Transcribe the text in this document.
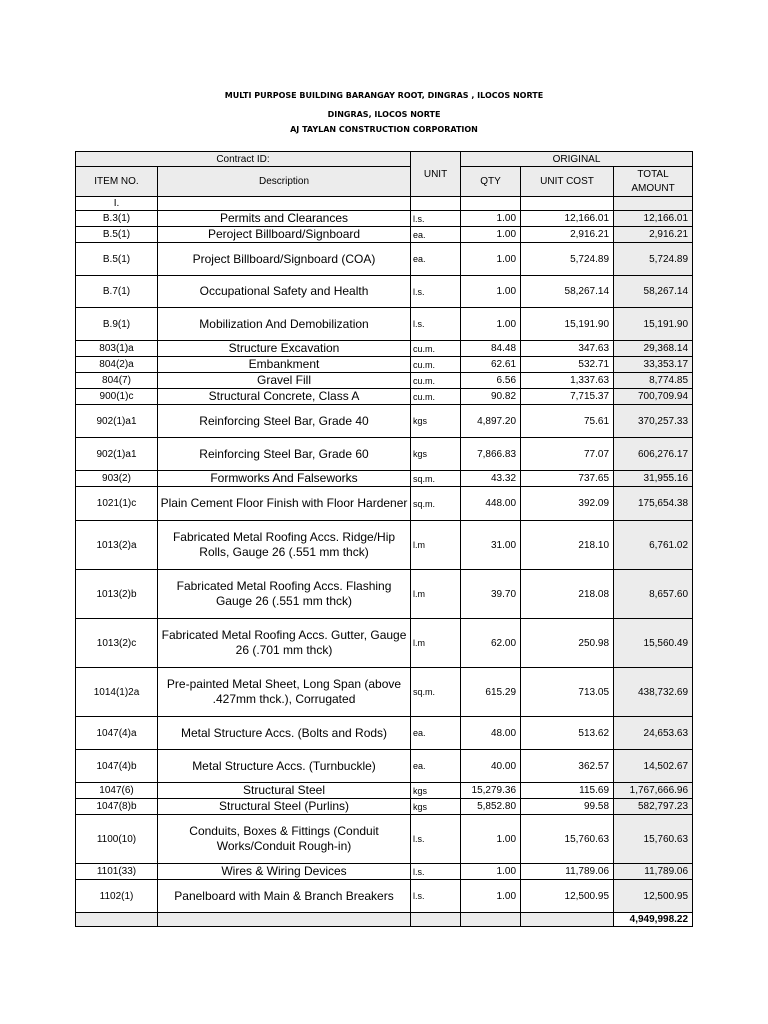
MULTI PURPOSE BUILDING BARANGAY ROOT, DINGRAS , ILOCOS NORTE
DINGRAS, ILOCOS NORTE
AJ TAYLAN CONSTRUCTION CORPORATION
Contract ID:		UNIT	ORIGINAL		
ITEM NO.	Description		QTY	UNIT COST	TOTAL AMOUNT
I.					
B.3(1)	Permits and Clearances	l.s.	1.00	12,166.01	12,166.01
B.5(1)	Peroject Billboard/Signboard	ea.	1.00	2,916.21	2,916.21
B.5(1)	Project Billboard/Signboard (COA)	ea.	1.00	5,724.89	5,724.89
B.7(1)	Occupational Safety and Health	l.s.	1.00	58,267.14	58,267.14
B.9(1)	Mobilization And Demobilization	l.s.	1.00	15,191.90	15,191.90
803(1)a	Structure Excavation	cu.m.	84.48	347.63	29,368.14
804(2)a	Embankment	cu.m.	62.61	532.71	33,353.17
804(7)	Gravel Fill	cu.m.	6.56	1,337.63	8,774.85
900(1)c	Structural Concrete, Class A	cu.m.	90.82	7,715.37	700,709.94
902(1)a1	Reinforcing Steel Bar, Grade 40	kgs	4,897.20	75.61	370,257.33
902(1)a1	Reinforcing Steel Bar, Grade 60	kgs	7,866.83	77.07	606,276.17
903(2)	Formworks And Falseworks	sq.m.	43.32	737.65	31,955.16
1021(1)c	Plain Cement Floor Finish with Floor Hardener	sq.m.	448.00	392.09	175,654.38
1013(2)a	Fabricated Metal Roofing Accs. Ridge/Hip Rolls, Gauge 26 (.551 mm thck)	l.m	31.00	218.10	6,761.02
1013(2)b	Fabricated Metal Roofing Accs. Flashing Gauge 26 (.551 mm thck)	l.m	39.70	218.08	8,657.60
1013(2)c	Fabricated Metal Roofing Accs. Gutter, Gauge 26 (.701 mm thck)	l.m	62.00	250.98	15,560.49
1014(1)2a	Pre-painted Metal Sheet, Long Span (above .427mm thck.), Corrugated	sq.m.	615.29	713.05	438,732.69
1047(4)a	Metal Structure Accs. (Bolts and Rods)	ea.	48.00	513.62	24,653.63
1047(4)b	Metal Structure Accs. (Turnbuckle)	ea.	40.00	362.57	14,502.67
1047(6)	Structural Steel	kgs	15,279.36	115.69	1,767,666.96
1047(8)b	Structural Steel (Purlins)	kgs	5,852.80	99.58	582,797.23
1100(10)	Conduits, Boxes & Fittings (Conduit Works/Conduit Rough-in)	l.s.	1.00	15,760.63	15,760.63
1101(33)	Wires & Wiring Devices	l.s.	1.00	11,789.06	11,789.06
1102(1)	Panelboard with Main & Branch Breakers	l.s.	1.00	12,500.95	12,500.95
					4,949,998.22
